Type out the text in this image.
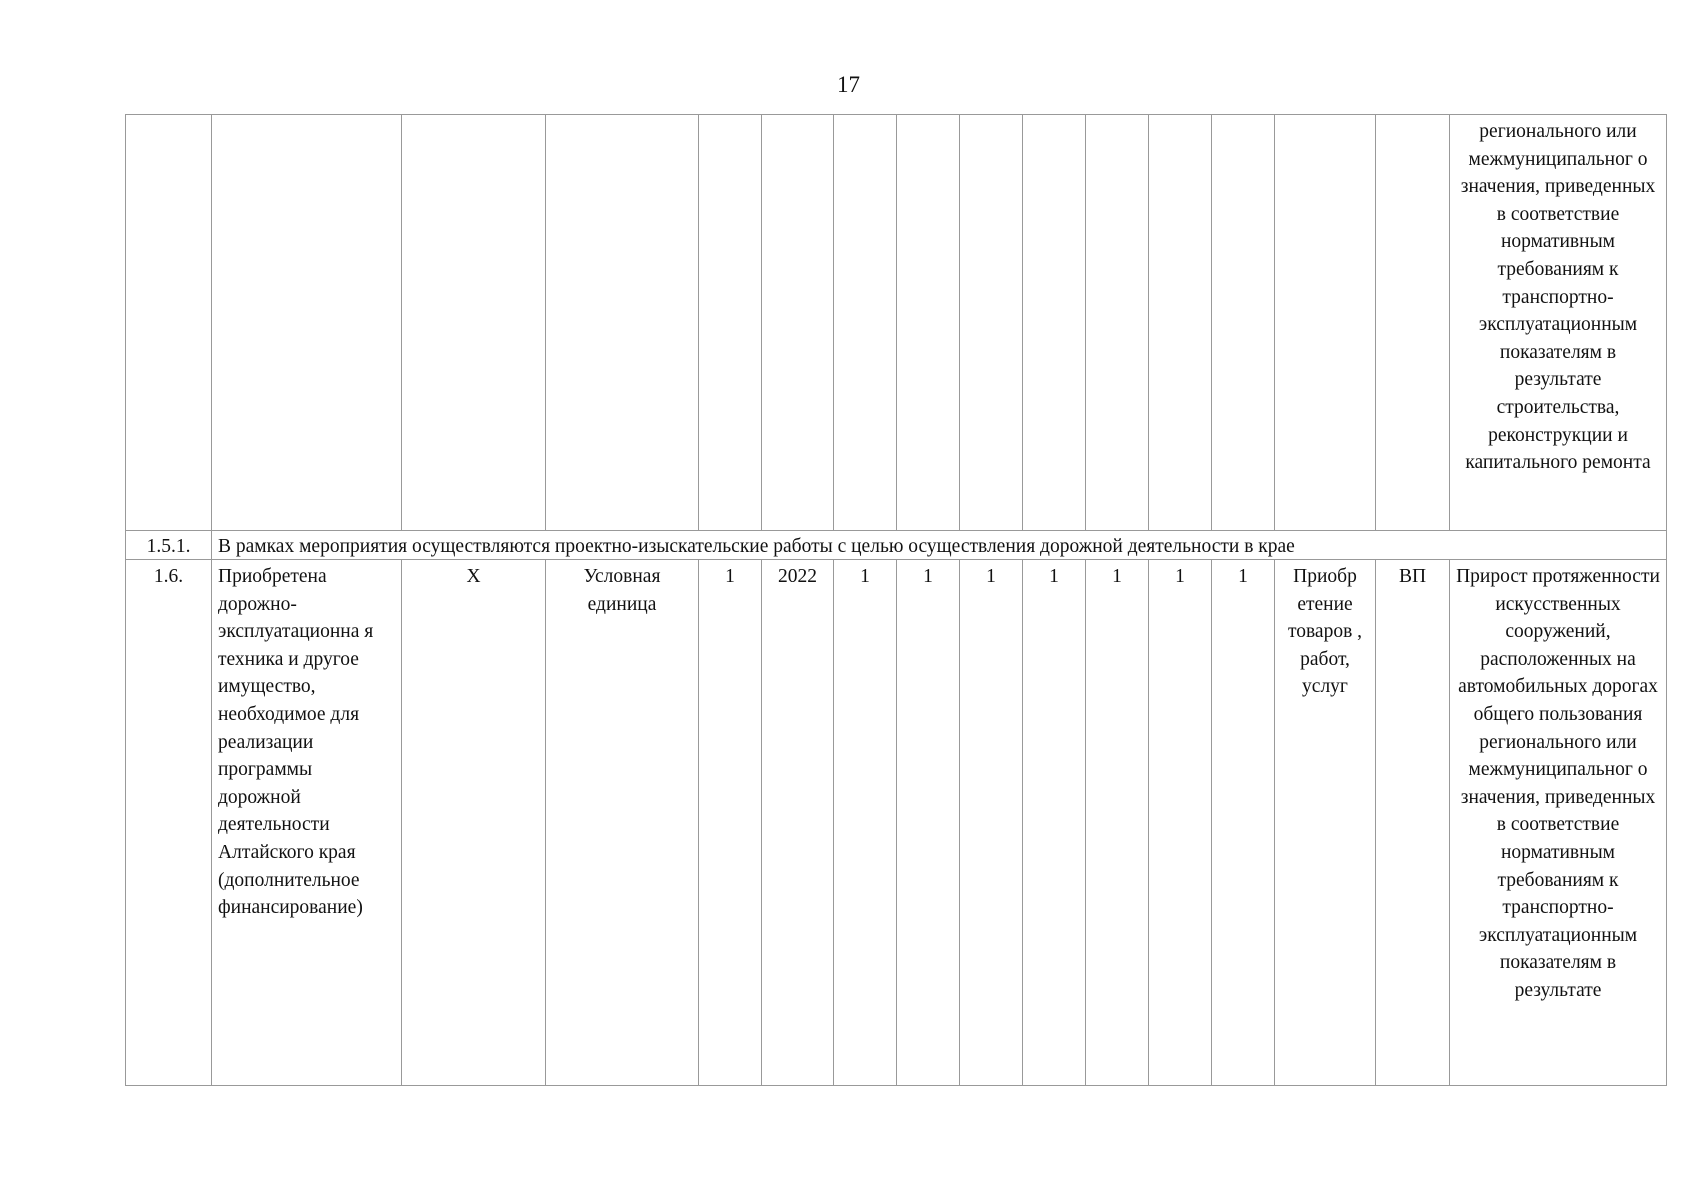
17
															регионального или межмуниципальног о значения, приведенных в соответствие нормативным требованиям к транспортно-эксплуатационным показателям в результате строительства, реконструкции и капитального ремонта
1.5.1.	В рамках мероприятия осуществляются проектно-изыскательские работы с целью осуществления дорожной деятельности в крае														
1.6.	Приобретена дорожно-эксплуатационна я техника и другое имущество, необходимое для реализации программы дорожной деятельности Алтайского края (дополнительное финансирование)	Х	Условная единица	1	2022	1	1	1	1	1	1	1	Приобр етение товаров , работ, услуг	ВП	Прирост протяженности искусственных сооружений, расположенных на автомобильных дорогах общего пользования регионального или межмуниципальног о значения, приведенных в соответствие нормативным требованиям к транспортно-эксплуатационным показателям в результате
